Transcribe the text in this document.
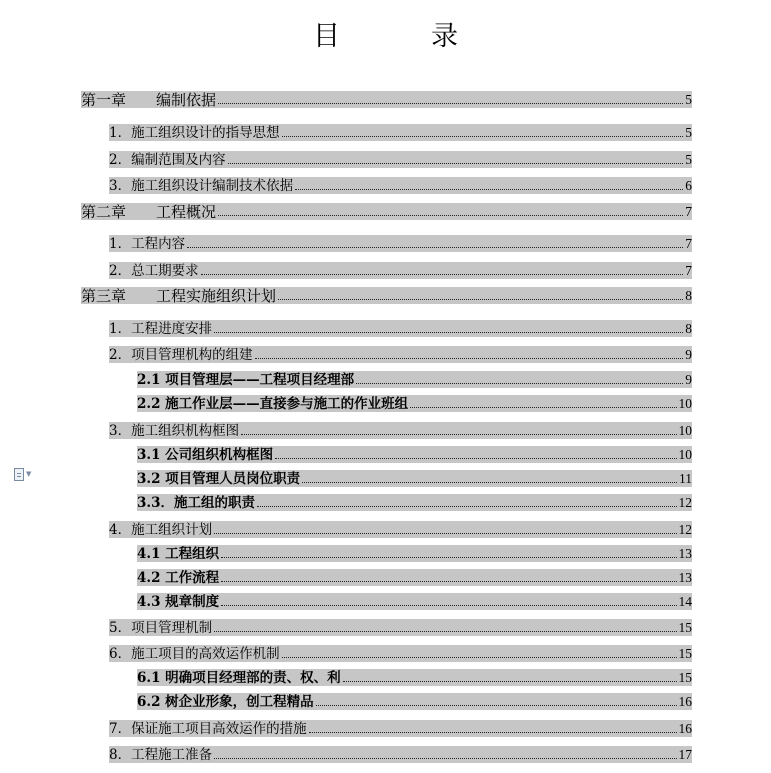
目　录
▼
第一章　　编制依据	5
1．施工组织设计的指导思想	5
2．编制范围及内容	5
3．施工组织设计编制技术依据	6
第二章　　工程概况	7
1．工程内容	7
2．总工期要求	7
第三章　　工程实施组织计划	8
1．工程进度安排	8
2．项目管理机构的组建	9
2.1 项目管理层——工程项目经理部	9
2.2 施工作业层——直接参与施工的作业班组	10
3．施工组织机构框图	10
3.1 公司组织机构框图	10
3.2 项目管理人员岗位职责	11
3.3．施工组的职责	12
4．施工组织计划	12
4.1 工程组织	13
4.2 工作流程	13
4.3 规章制度	14
5．项目管理机制	15
6．施工项目的高效运作机制	15
6.1 明确项目经理部的责、权、利	15
6.2 树企业形象，创工程精品	16
7．保证施工项目高效运作的措施	16
8．工程施工准备	17
